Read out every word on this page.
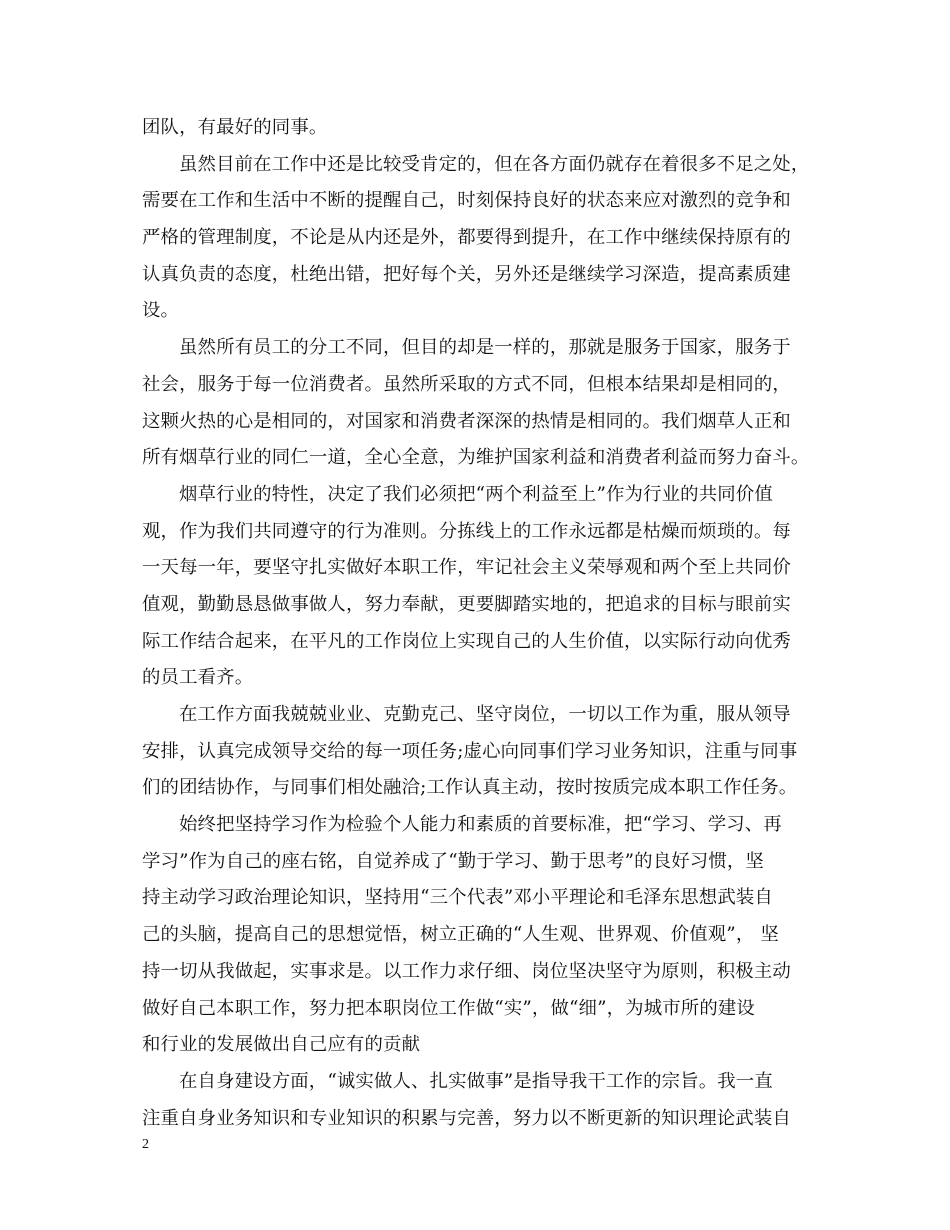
团队，有最好的同事。
虽然目前在工作中还是比较受肯定的，但在各方面仍就存在着很多不足之处，
需要在工作和生活中不断的提醒自己，时刻保持良好的状态来应对激烈的竞争和
严格的管理制度，不论是从内还是外，都要得到提升，在工作中继续保持原有的
认真负责的态度，杜绝出错，把好每个关，另外还是继续学习深造，提高素质建
设。
虽然所有员工的分工不同，但目的却是一样的，那就是服务于国家，服务于
社会，服务于每一位消费者。虽然所采取的方式不同，但根本结果却是相同的，
这颗火热的心是相同的，对国家和消费者深深的热情是相同的。我们烟草人正和
所有烟草行业的同仁一道，全心全意，为维护国家利益和消费者利益而努力奋斗。
烟草行业的特性，决定了我们必须把“两个利益至上”作为行业的共同价值
观，作为我们共同遵守的行为准则。分拣线上的工作永远都是枯燥而烦琐的。每
一天每一年，要坚守扎实做好本职工作，牢记社会主义荣辱观和两个至上共同价
值观，勤勤恳恳做事做人，努力奉献，更要脚踏实地的，把追求的目标与眼前实
际工作结合起来，在平凡的工作岗位上实现自己的人生价值，以实际行动向优秀
的员工看齐。
在工作方面我兢兢业业、克勤克己、坚守岗位，一切以工作为重，服从领导
安排，认真完成领导交给的每一项任务;虚心向同事们学习业务知识，注重与同事
们的团结协作，与同事们相处融洽;工作认真主动，按时按质完成本职工作任务。
始终把坚持学习作为检验个人能力和素质的首要标准，把“学习、学习、再
学习”作为自己的座右铭，自觉养成了“勤于学习、勤于思考”的良好习惯，坚
持主动学习政治理论知识，坚持用“三个代表”邓小平理论和毛泽东思想武装自
己的头脑，提高自己的思想觉悟，树立正确的“人生观、世界观、价值观”， 坚
持一切从我做起，实事求是。以工作力求仔细、岗位坚决坚守为原则，积极主动
做好自己本职工作，努力把本职岗位工作做“实”，做“细”，为城市所的建设
和行业的发展做出自己应有的贡献
在自身建设方面，“诚实做人、扎实做事”是指导我干工作的宗旨。我一直
注重自身业务知识和专业知识的积累与完善，努力以不断更新的知识理论武装自
2
